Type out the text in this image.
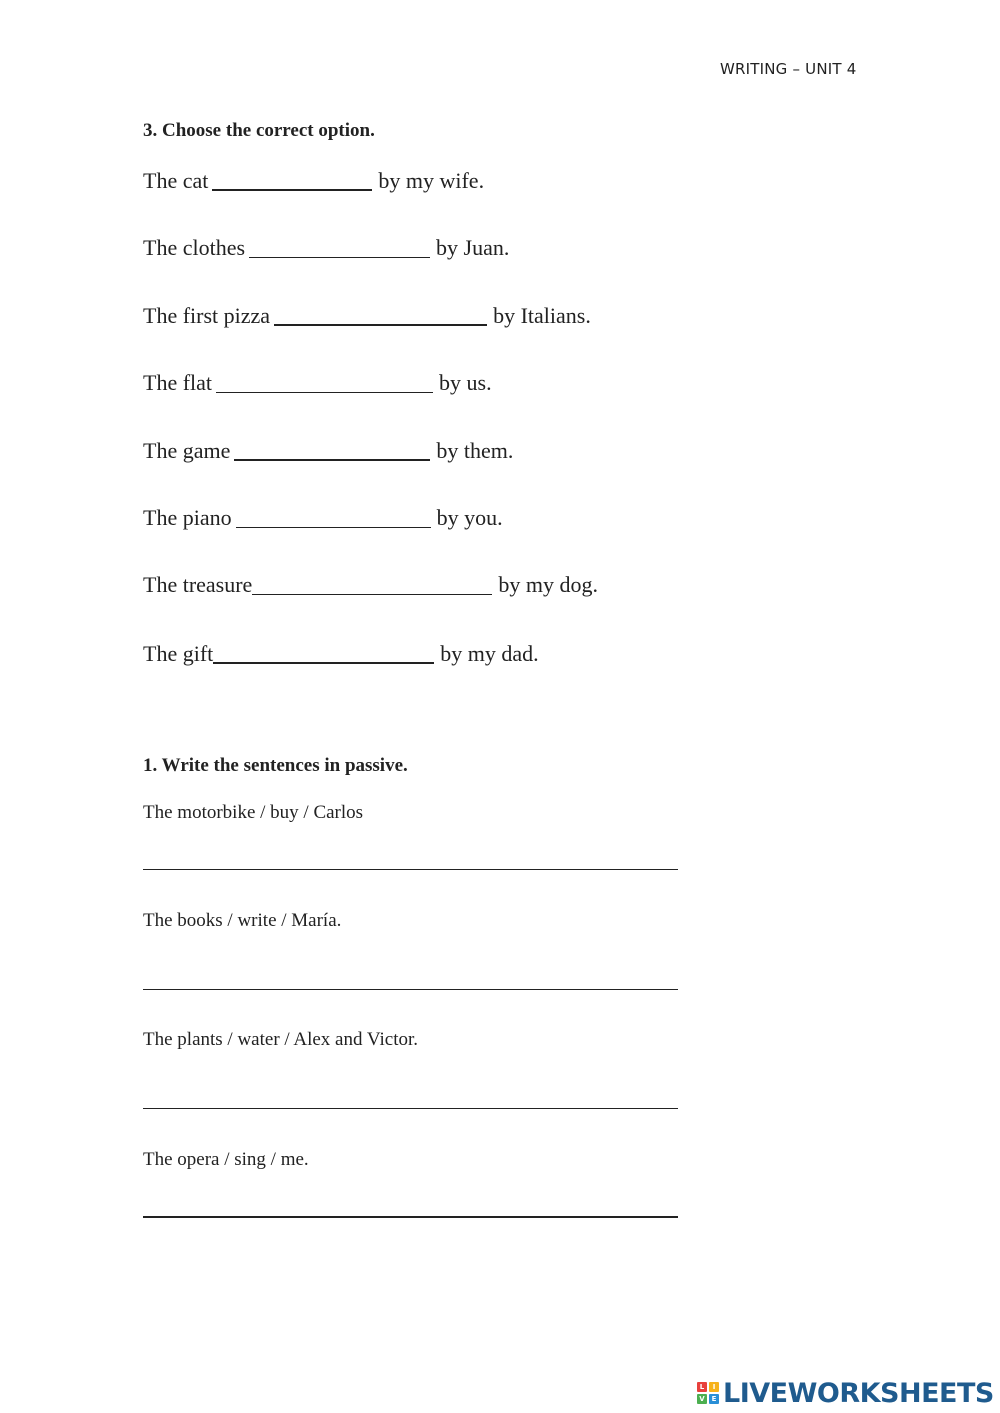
WRITING – UNIT 4
3. Choose the correct option.
The cat	by my wife.
The clothes	by Juan.
The first pizza	by Italians.
The flat	by us.
The game	by them.
The piano	by you.
The treasure	by my dog.
The gift	by my dad.
1. Write the sentences in passive.
The motorbike / buy / Carlos
The books / write / María.
The plants / water / Alex and Victor.
The opera / sing / me.
L	I
V E LIVEWORKSHEETS
